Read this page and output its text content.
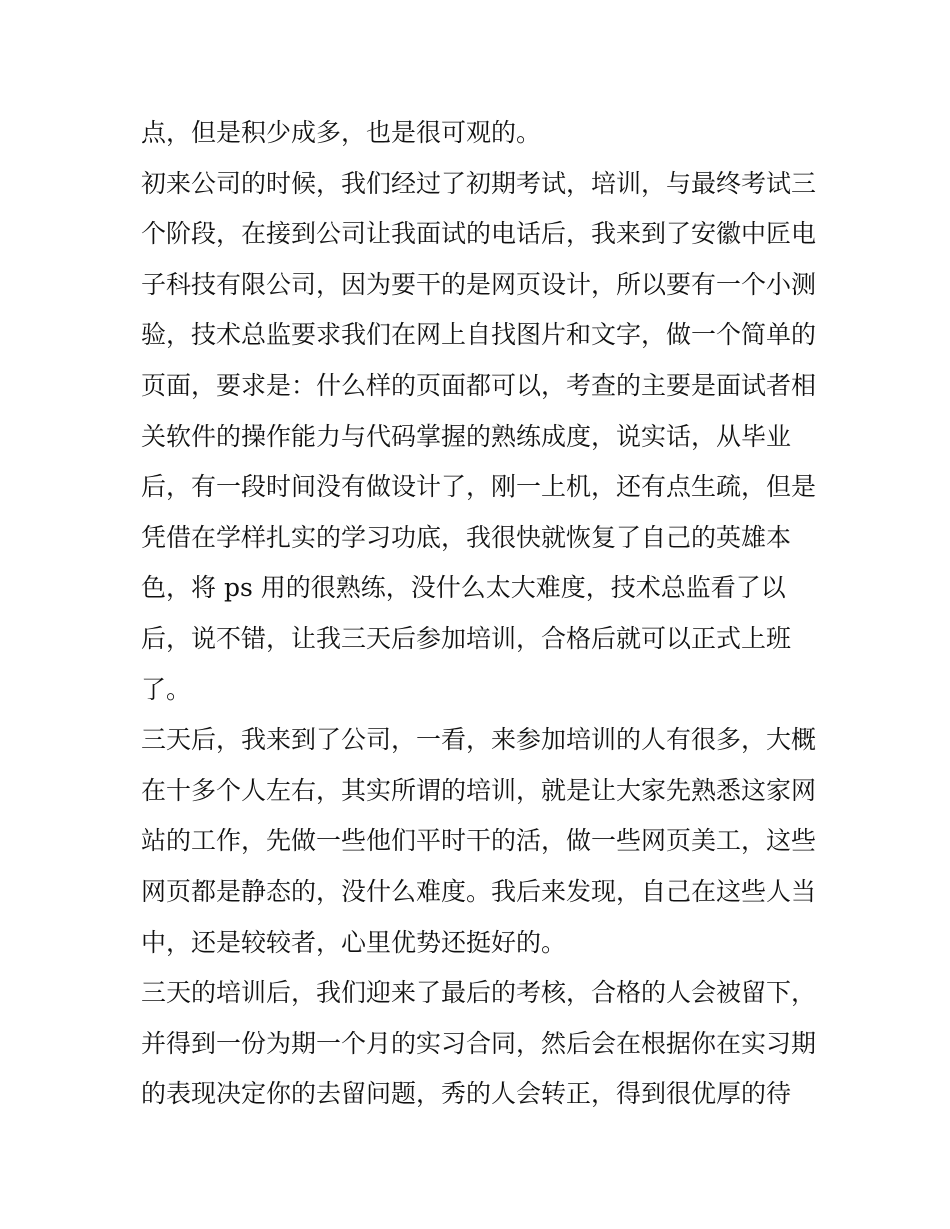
点，但是积少成多，也是很可观的。
初来公司的时候，我们经过了初期考试，培训，与最终考试三
个阶段，在接到公司让我面试的电话后，我来到了安徽中匠电
子科技有限公司，因为要干的是网页设计，所以要有一个小测
验，技术总监要求我们在网上自找图片和文字，做一个简单的
页面，要求是：什么样的页面都可以，考查的主要是面试者相
关软件的操作能力与代码掌握的熟练成度，说实话，从毕业
后，有一段时间没有做设计了，刚一上机，还有点生疏，但是
凭借在学样扎实的学习功底，我很快就恢复了自己的英雄本
色，将 ps 用的很熟练，没什么太大难度，技术总监看了以
后，说不错，让我三天后参加培训，合格后就可以正式上班
了。
三天后，我来到了公司，一看，来参加培训的人有很多，大概
在十多个人左右，其实所谓的培训，就是让大家先熟悉这家网
站的工作，先做一些他们平时干的活，做一些网页美工，这些
网页都是静态的，没什么难度。我后来发现，自己在这些人当
中，还是较较者，心里优势还挺好的。
三天的培训后，我们迎来了最后的考核，合格的人会被留下，
并得到一份为期一个月的实习合同，然后会在根据你在实习期
的表现决定你的去留问题，秀的人会转正，得到很优厚的待
